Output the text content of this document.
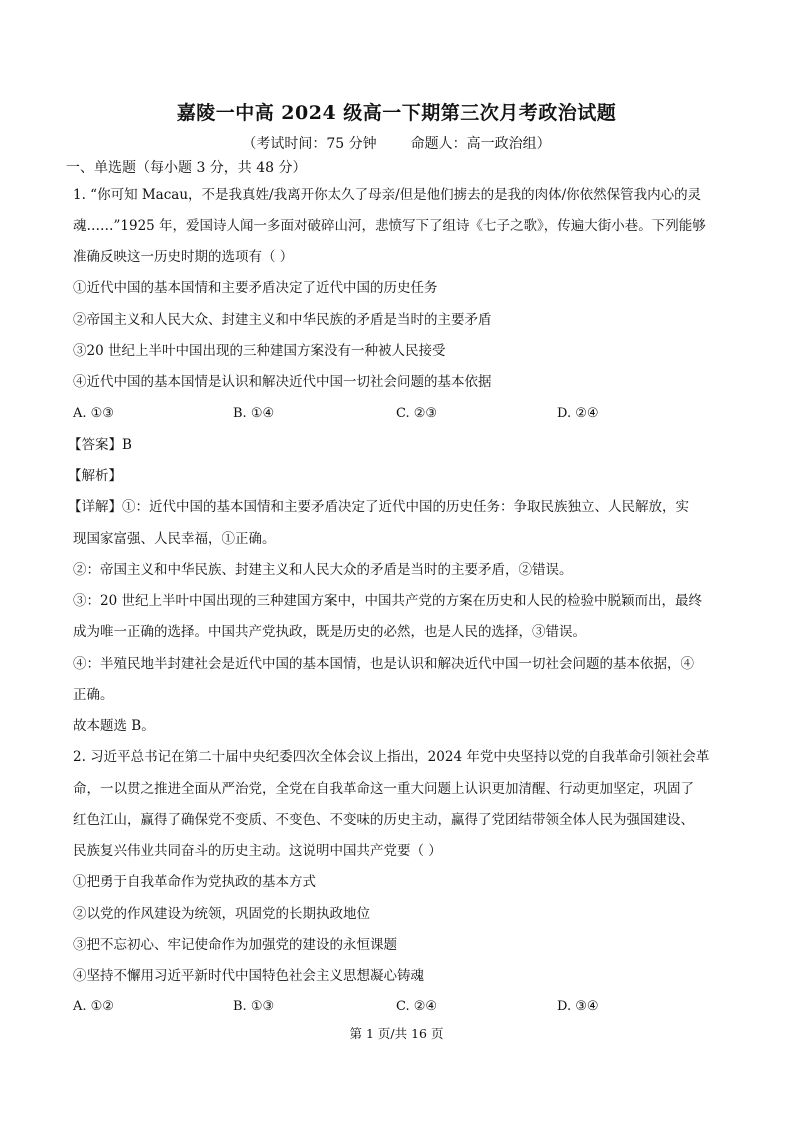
嘉陵一中高 2024 级高一下期第三次月考政治试题
（考试时间：75 分钟 命题人：高一政治组）
一、单选题（每小题 3 分，共 48 分）
1. “你可知 Macau，不是我真姓/我离开你太久了母亲/但是他们掳去的是我的肉体/你依然保管我内心的灵
魂……”1925 年，爱国诗人闻一多面对破碎山河，悲愤写下了组诗《七子之歌》，传遍大街小巷。下列能够
准确反映这一历史时期的选项有（ ）
①近代中国的基本国情和主要矛盾决定了近代中国的历史任务
②帝国主义和人民大众、封建主义和中华民族的矛盾是当时的主要矛盾
③20 世纪上半叶中国出现的三种建国方案没有一种被人民接受
④近代中国的基本国情是认识和解决近代中国一切社会问题的基本依据
A. ①③	B. ①④	C. ②③	D. ②④
【答案】B
【解析】
【详解】①：近代中国的基本国情和主要矛盾决定了近代中国的历史任务：争取民族独立、人民解放，实
现国家富强、人民幸福，①正确。
②：帝国主义和中华民族、封建主义和人民大众的矛盾是当时的主要矛盾，②错误。
③：20 世纪上半叶中国出现的三种建国方案中，中国共产党的方案在历史和人民的检验中脱颖而出，最终
成为唯一正确的选择。中国共产党执政，既是历史的必然，也是人民的选择，③错误。
④：半殖民地半封建社会是近代中国的基本国情，也是认识和解决近代中国一切社会问题的基本依据，④
正确。
故本题选 B。
2. 习近平总书记在第二十届中央纪委四次全体会议上指出，2024 年党中央坚持以党的自我革命引领社会革
命，一以贯之推进全面从严治党，全党在自我革命这一重大问题上认识更加清醒、行动更加坚定，巩固了
红色江山，赢得了确保党不变质、不变色、不变味的历史主动，赢得了党团结带领全体人民为强国建设、
民族复兴伟业共同奋斗的历史主动。这说明中国共产党要（ ）
①把勇于自我革命作为党执政的基本方式
②以党的作风建设为统领，巩固党的长期执政地位
③把不忘初心、牢记使命作为加强党的建设的永恒课题
④坚持不懈用习近平新时代中国特色社会主义思想凝心铸魂
A. ①②	B. ①③	C. ②④	D. ③④
第 1 页/共 16 页
